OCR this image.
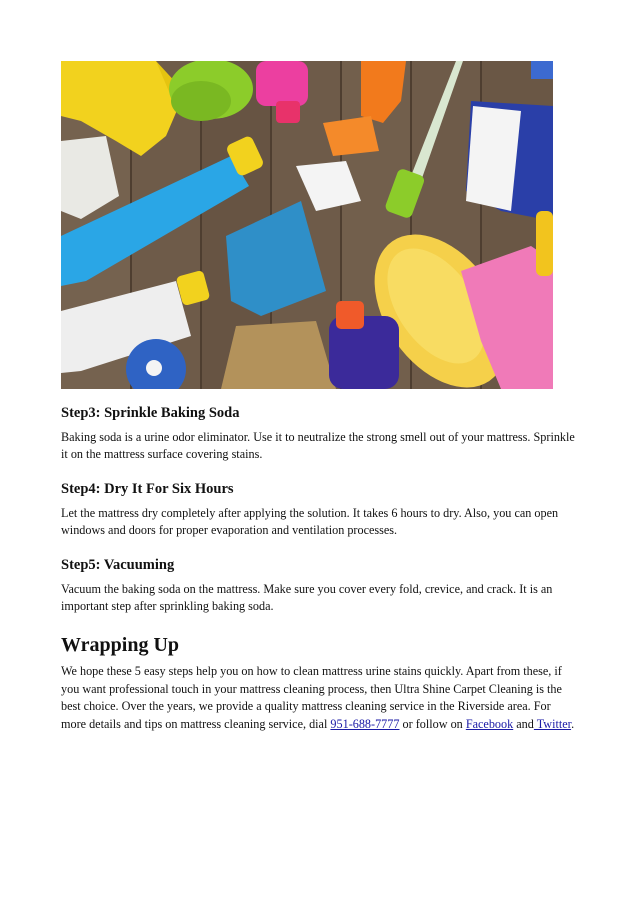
Step3: Sprinkle Baking Soda

Baking soda is a urine odor eliminator. Use it to neutralize the strong smell out of your mattress. Sprinkle it on the mattress surface covering stains.

Step4: Dry It For Six Hours

Let the mattress dry completely after applying the solution. It takes 6 hours to dry. Also, you can open windows and doors for proper evaporation and ventilation processes.

Step5: Vacuuming

Vacuum the baking soda on the mattress. Make sure you cover every fold, crevice, and crack. It is an important step after sprinkling baking soda.

Wrapping Up

We hope these 5 easy steps help you on how to clean mattress urine stains quickly. Apart from these, if you want professional touch in your mattress cleaning process, then Ultra Shine Carpet Cleaning is the best choice. Over the years, we provide a quality mattress cleaning service in the Riverside area. For more details and tips on mattress cleaning service, dial 951-688-7777 or follow on Facebook and Twitter.
